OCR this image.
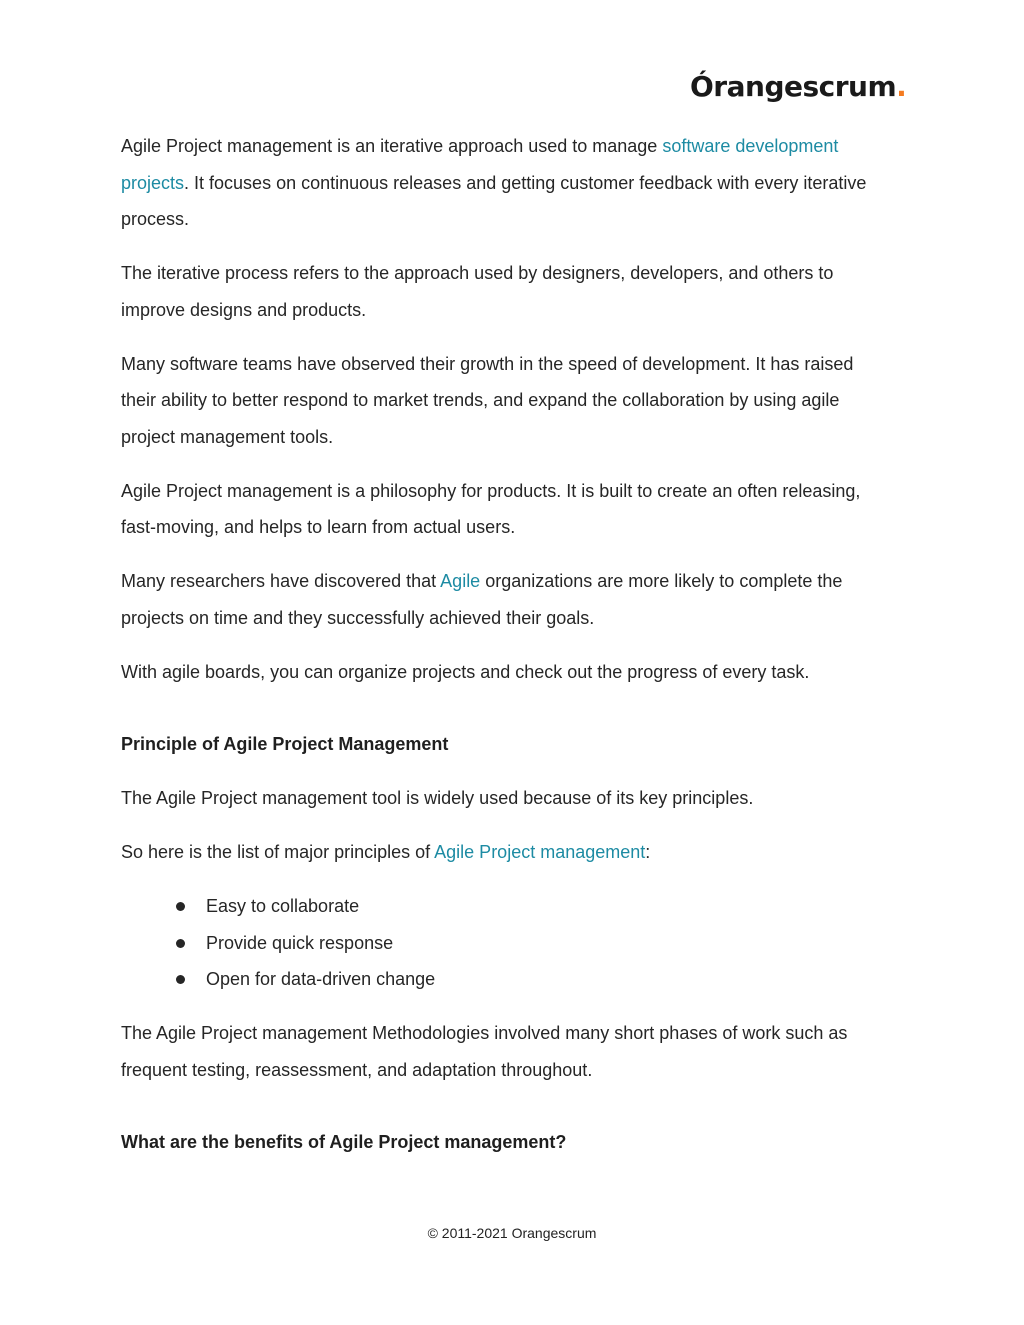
Órangescrum.

Agile Project management is an iterative approach used to manage software development projects. It focuses on continuous releases and getting customer feedback with every iterative process.

The iterative process refers to the approach used by designers, developers, and others to improve designs and products.

Many software teams have observed their growth in the speed of development. It has raised their ability to better respond to market trends, and expand the collaboration by using agile project management tools.

Agile Project management is a philosophy for products. It is built to create an often releasing, fast-moving, and helps to learn from actual users.

Many researchers have discovered that Agile organizations are more likely to complete the projects on time and they successfully achieved their goals.

With agile boards, you can organize projects and check out the progress of every task.

Principle of Agile Project Management

The Agile Project management tool is widely used because of its key principles.

So here is the list of major principles of Agile Project management:

Easy to collaborate
Provide quick response
Open for data-driven change

The Agile Project management Methodologies involved many short phases of work such as frequent testing, reassessment, and adaptation throughout.

What are the benefits of Agile Project management?
© 2011-2021 Orangescrum
